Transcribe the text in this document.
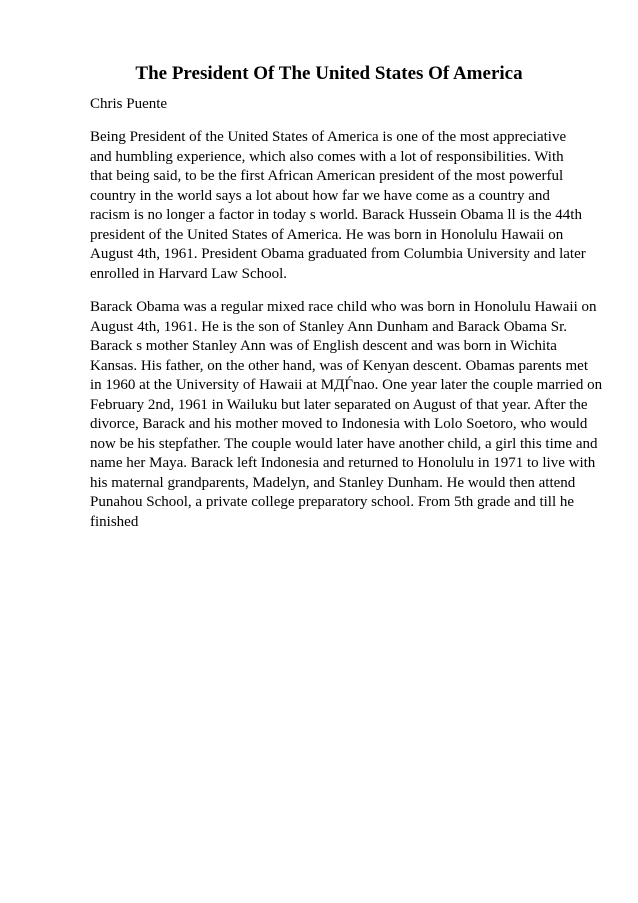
The President Of The United States Of America

Chris Puente

Being President of the United States of America is one of the most appreciative
and humbling experience, which also comes with a lot of responsibilities. With
that being said, to be the first African American president of the most powerful
country in the world says a lot about how far we have come as a country and
racism is no longer a factor in today s world. Barack Hussein Obama ll is the 44th
president of the United States of America. He was born in Honolulu Hawaii on
August 4th, 1961. President Obama graduated from Columbia University and later
enrolled in Harvard Law School.

Barack Obama was a regular mixed race child who was born in Honolulu Hawaii on
August 4th, 1961. He is the son of Stanley Ann Dunham and Barack Obama Sr.
Barack s mother Stanley Ann was of English descent and was born in Wichita
Kansas. His father, on the other hand, was of Kenyan descent. Obamas parents met
in 1960 at the University of Hawaii at МДЃnao. One year later the couple married on
February 2nd, 1961 in Wailuku but later separated on August of that year. After the
divorce, Barack and his mother moved to Indonesia with Lolo Soetoro, who would
now be his stepfather. The couple would later have another child, a girl this time and
name her Maya. Barack left Indonesia and returned to Honolulu in 1971 to live with
his maternal grandparents, Madelyn, and Stanley Dunham. He would then attend
Punahou School, a private college preparatory school. From 5th grade and till he
finished
